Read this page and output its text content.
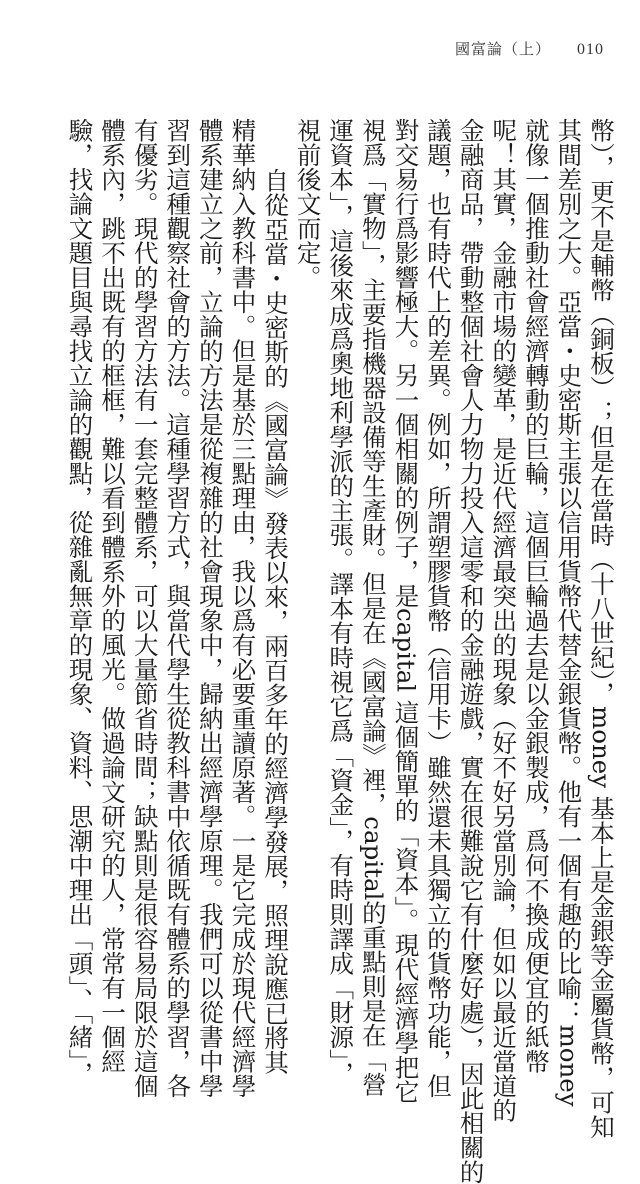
國富論（上） 010
幣），更不是輔幣（銅板）；但是在當時（十八世紀），money 基本上是金銀等金屬貨幣，可知
其間差別之大。亞當・史密斯主張以信用貨幣代替金銀貨幣。他有一個有趣的比喻：money
就像一個推動社會經濟轉動的巨輪，這個巨輪過去是以金銀製成，爲何不換成便宜的紙幣
呢！其實，金融市場的變革，是近代經濟最突出的現象（好不好另當別論，但如以最近當道的
金融商品，帶動整個社會人力物力投入這零和的金融遊戲，實在很難說它有什麼好處），因此相關的
議題，也有時代上的差異。例如，所謂塑膠貨幣（信用卡）雖然還未具獨立的貨幣功能，但
對交易行爲影響極大。另一個相關的例子，是capital 這個簡單的「資本」。現代經濟學把它
視爲「實物」，主要指機器設備等生產財。但是在《國富論》裡，capital的重點則是在「營
運資本」，這後來成爲奧地利學派的主張。譯本有時視它爲「資金」，有時則譯成「財源」，
視前後文而定。
自從亞當・史密斯的《國富論》發表以來，兩百多年的經濟學發展，照理說應已將其
精華納入教科書中。但是基於三點理由，我以爲有必要重讀原著。一是它完成於現代經濟學
體系建立之前，立論的方法是從複雜的社會現象中，歸納出經濟學原理。我們可以從書中學
習到這種觀察社會的方法。這種學習方式，與當代學生從教科書中依循既有體系的學習，各
有優劣。現代的學習方法有一套完整體系，可以大量節省時間；缺點則是很容易局限於這個
體系內，跳不出既有的框框，難以看到體系外的風光。做過論文研究的人，常常有一個經
驗，找論文題目與尋找立論的觀點，從雜亂無章的現象、資料、思潮中理出「頭」、「緒」，
